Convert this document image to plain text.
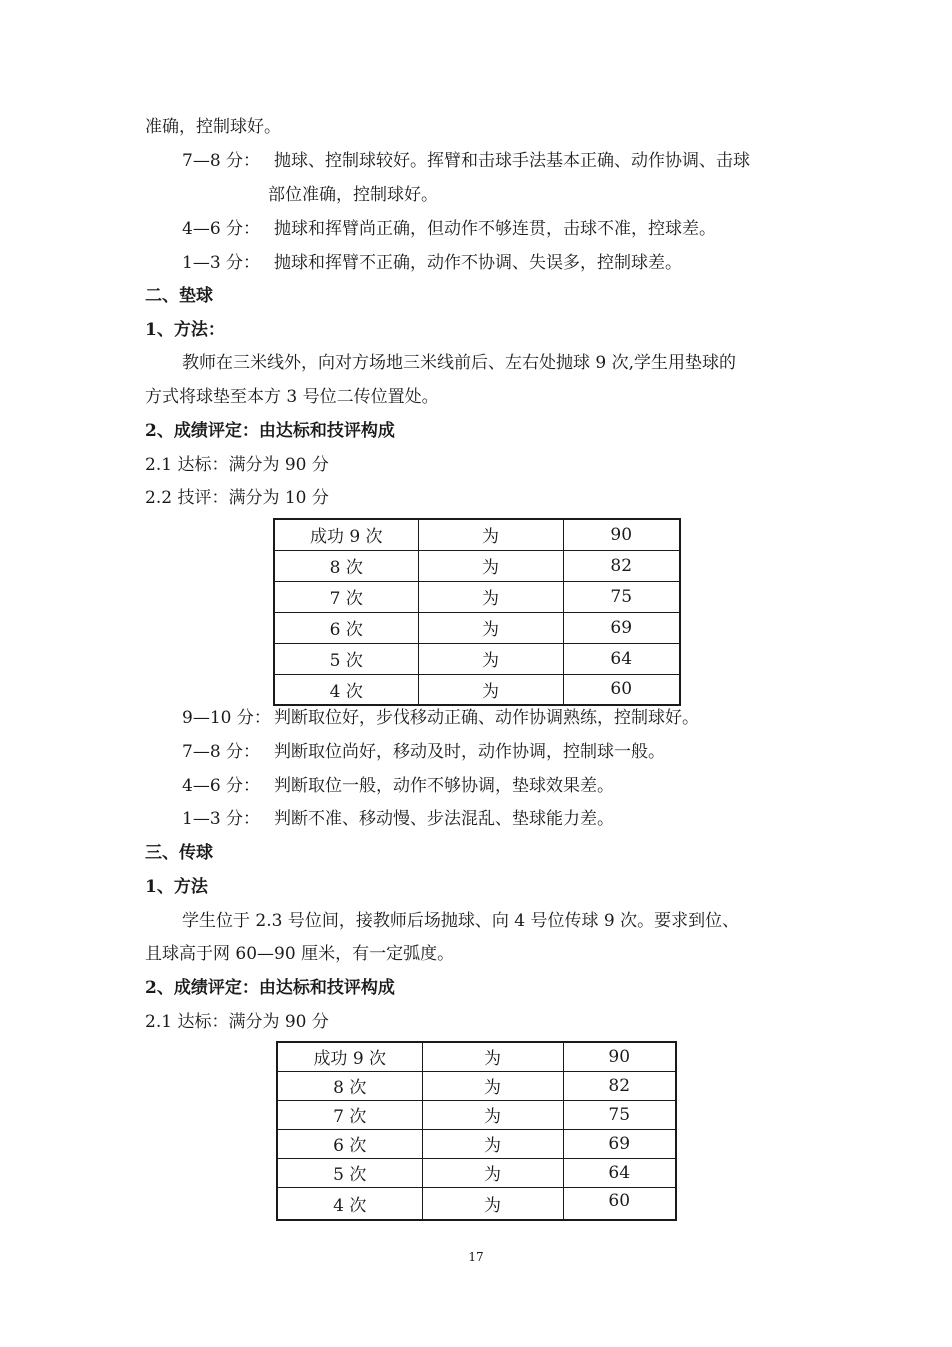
准确，控制球好。
7—8 分： 抛球、控制球较好。挥臂和击球手法基本正确、动作协调、击球
部位准确，控制球好。
4—6 分： 抛球和挥臂尚正确，但动作不够连贯，击球不准，控球差。
1—3 分： 抛球和挥臂不正确，动作不协调、失误多，控制球差。
二、垫球
1、方法：
教师在三米线外，向对方场地三米线前后、左右处抛球 9 次,学生用垫球的
方式将球垫至本方 3 号位二传位置处。
2、成绩评定：由达标和技评构成
2.1 达标：满分为 90 分
2.2 技评：满分为 10 分
成功 9 次	为	90
8 次	为	82
7 次	为	75
6 次	为	69
5 次	为	64
4 次	为	60
9—10 分： 判断取位好，步伐移动正确、动作协调熟练，控制球好。
7—8 分： 判断取位尚好，移动及时，动作协调，控制球一般。
4—6 分： 判断取位一般，动作不够协调，垫球效果差。
1—3 分： 判断不准、移动慢、步法混乱、垫球能力差。
三、传球
1、方法
学生位于 2.3 号位间，接教师后场抛球、向 4 号位传球 9 次。要求到位、
且球高于网 60—90 厘米，有一定弧度。
2、成绩评定：由达标和技评构成
2.1 达标：满分为 90 分
成功 9 次	为	90
8 次	为	82
7 次	为	75
6 次	为	69
5 次	为	64
4 次	为	60
17
